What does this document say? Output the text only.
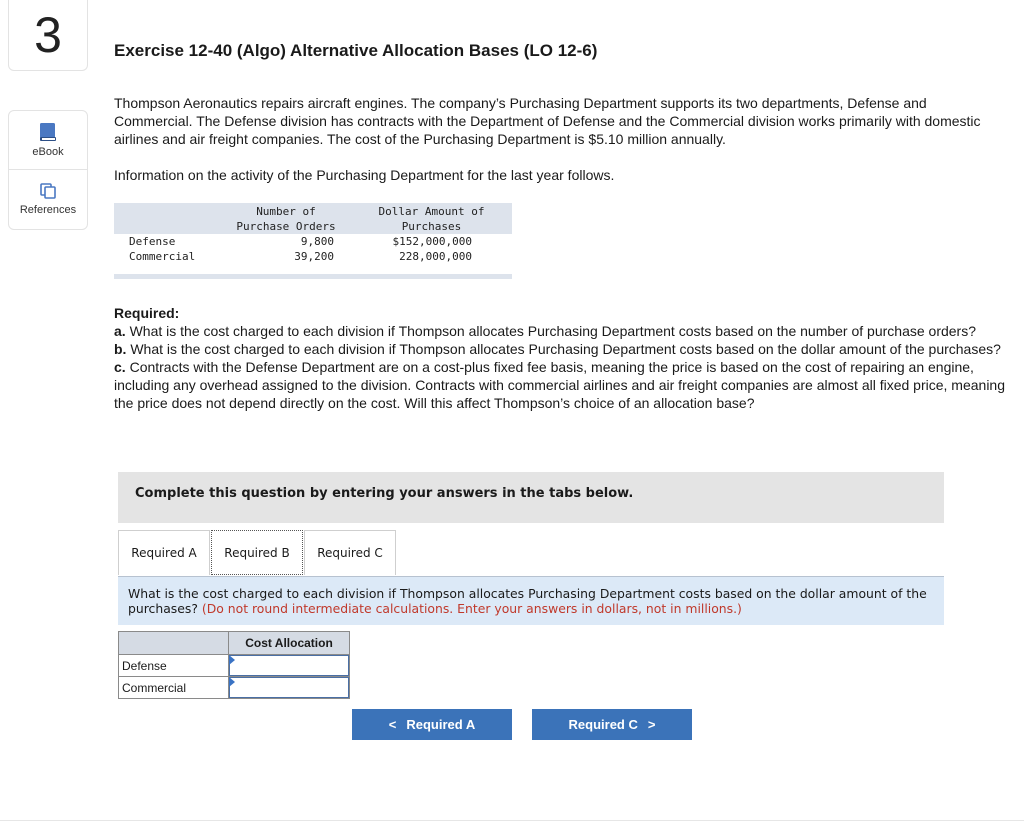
3
eBook
References
Exercise 12-40 (Algo) Alternative Allocation Bases (LO 12-6)
Thompson Aeronautics repairs aircraft engines. The company’s Purchasing Department supports its two departments, Defense and Commercial. The Defense division has contracts with the Department of Defense and the Commercial division works primarily with domestic airlines and air freight companies. The cost of the Purchasing Department is $5.10 million annually.
Information on the activity of the Purchasing Department for the last year follows.
Number of
Purchase Orders
Dollar Amount of
Purchases
Defense	9,800	$152,000,000
Commercial	39,200	228,000,000
Required:
a. What is the cost charged to each division if Thompson allocates Purchasing Department costs based on the number of purchase orders?
b. What is the cost charged to each division if Thompson allocates Purchasing Department costs based on the dollar amount of the purchases?
c. Contracts with the Defense Department are on a cost-plus fixed fee basis, meaning the price is based on the cost of repairing an engine, including any overhead assigned to the division. Contracts with commercial airlines and air freight companies are almost all fixed price, meaning the price does not depend directly on the cost. Will this affect Thompson’s choice of an allocation base?
Complete this question by entering your answers in the tabs below.
Required A	Required B	Required C
What is the cost charged to each division if Thompson allocates Purchasing Department costs based on the dollar amount of the purchases? (Do not round intermediate calculations. Enter your answers in dollars, not in millions.)
	Cost Allocation
Defense	

Commercial	
< Required A	Required C >
